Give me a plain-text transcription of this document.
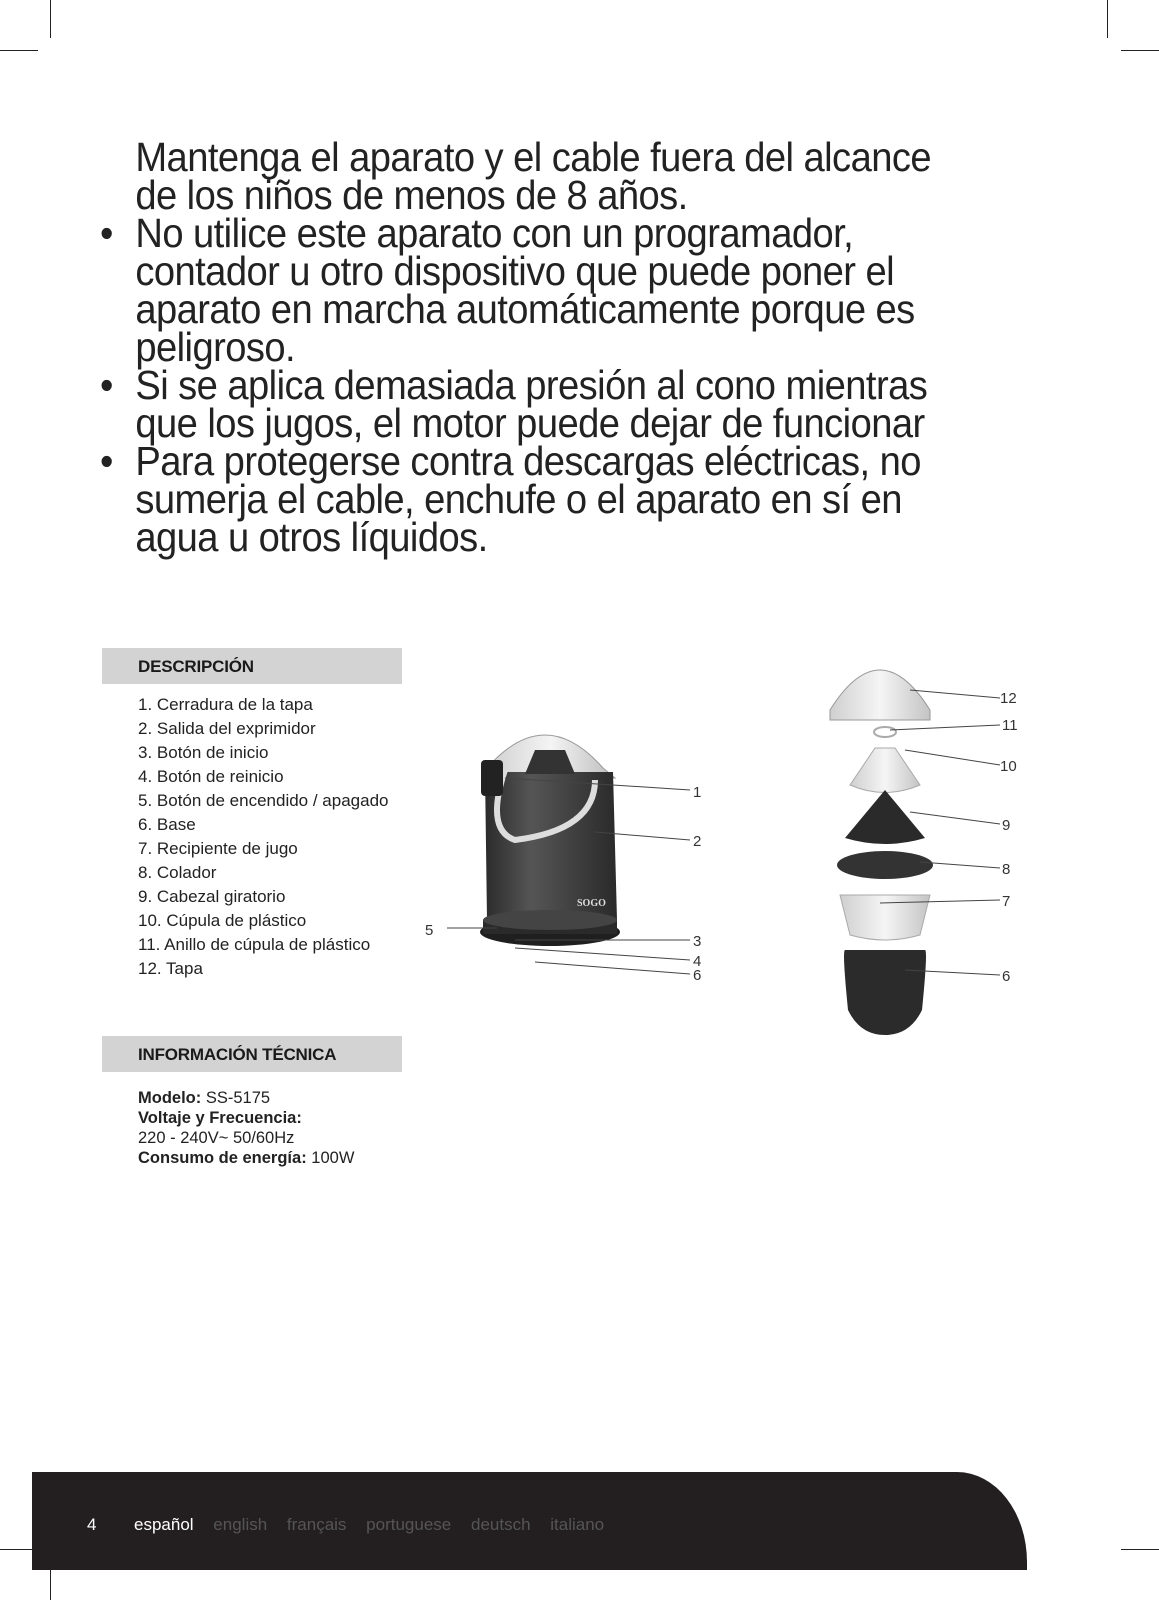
Mantenga el aparato y el cable fuera del alcance
de los niños de menos de 8 años.
• No utilice este aparato con un programador,
contador u otro dispositivo que puede poner el
aparato en marcha automáticamente porque es
peligroso.
• Si se aplica demasiada presión al cono mientras
que los jugos, el motor puede dejar de funcionar
• Para protegerse contra descargas eléctricas, no
sumerja el cable, enchufe o el aparato en sí en
agua u otros líquidos.
DESCRIPCIÓN
1. Cerradura de la tapa
2. Salida del exprimidor
3. Botón de inicio
4. Botón de reinicio
5. Botón de encendido / apagado
6. Base
7. Recipiente de jugo
8. Colador
9. Cabezal giratorio
10. Cúpula de plástico
11. Anillo de cúpula de plástico
12. Tapa
SOGO
1
2
5
3
4
6
12
11
10
9
8
7
6
INFORMACIÓN TÉCNICA
Modelo: SS-5175
Voltaje y Frecuencia:
220 - 240V~ 50/60Hz
Consumo de energía: 100W
4 español english français portuguese deutsch italiano
